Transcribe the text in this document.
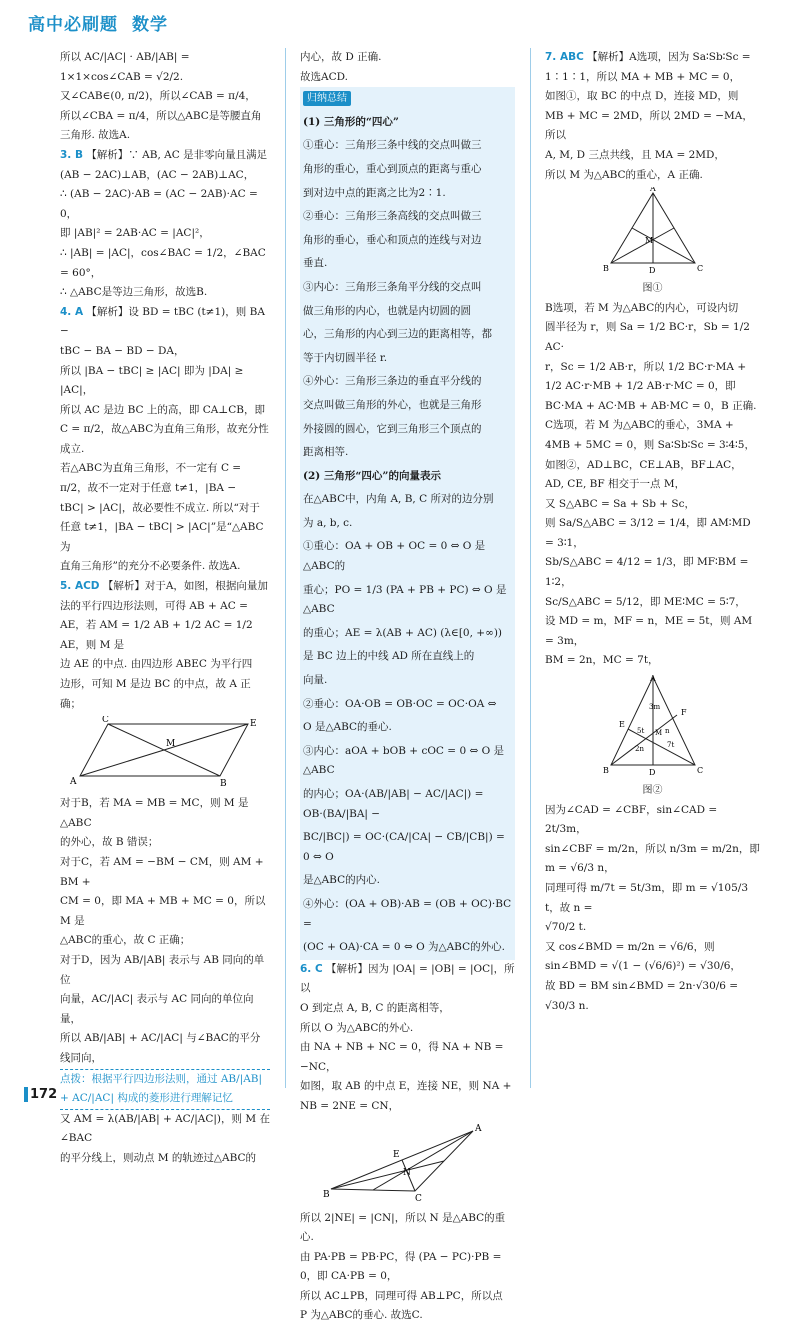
高中必刷题 数学

所以 AC/|AC| · AB/|AB| = 1×1×cos∠CAB = √2/2.

又∠CAB∈(0, π/2)，所以∠CAB = π/4，

所以∠CBA = π/4，所以△ABC是等腰直角

三角形. 故选A.

3. B 【解析】∵ AB, AC 是非零向量且满足

(AB − 2AC)⊥AB，(AC − 2AB)⊥AC，

∴ (AB − 2AC)·AB = (AC − 2AB)·AC = 0，

即 |AB|² = 2AB·AC = |AC|²，

∴ |AB| = |AC|，cos∠BAC = 1/2，∠BAC = 60°，

∴ △ABC是等边三角形，故选B.

4. A 【解析】设 BD = tBC (t≠1)，则 BA −

tBC − BA − BD − DA，

所以 |BA − tBC| ≥ |AC| 即为 |DA| ≥ |AC|，

所以 AC 是边 BC 上的高，即 CA⊥CB，即

C = π/2，故△ABC为直角三角形，故充分性

成立.

若△ABC为直角三角形，不一定有 C =

π/2，故不一定对于任意 t≠1，|BA −

tBC| > |AC|，故必要性不成立. 所以“对于

任意 t≠1，|BA − tBC| > |AC|”是“△ABC为

直角三角形”的充分不必要条件. 故选A.

5. ACD 【解析】对于A，如图，根据向量加

法的平行四边形法则，可得 AB + AC =

AE，若 AM = 1/2 AB + 1/2 AC = 1/2 AE，则 M 是

边 AE 的中点. 由四边形 ABEC 为平行四

边形，可知 M 是边 BC 的中点，故 A 正确；

A	B
C	E
M

对于B，若 MA = MB = MC，则 M 是△ABC

的外心，故 B 错误；

对于C，若 AM = −BM − CM，则 AM + BM +

CM = 0，即 MA + MB + MC = 0，所以 M 是

△ABC的重心，故 C 正确；

对于D，因为 AB/|AB| 表示与 AB 同向的单位

向量，AC/|AC| 表示与 AC 同向的单位向量，

所以 AB/|AB| + AC/|AC| 与∠BAC的平分线同向，

点拨：根据平行四边形法则，通过 AB/|AB| + AC/|AC| 构成的菱形进行理解记忆

又 AM = λ(AB/|AB| + AC/|AC|)，则 M 在∠BAC

的平分线上，则动点 M 的轨迹过△ABC的

内心，故 D 正确.

故选ACD.

归纳总结

(1) 三角形的“四心”

①重心：三角形三条中线的交点叫做三

角形的重心，重心到顶点的距离与重心

到对边中点的距离之比为2∶1.

②垂心：三角形三条高线的交点叫做三

角形的垂心，垂心和顶点的连线与对边

垂直.

③内心：三角形三条角平分线的交点叫

做三角形的内心，也就是内切圆的圆

心，三角形的内心到三边的距离相等，都

等于内切圆半径 r.

④外心：三角形三条边的垂直平分线的

交点叫做三角形的外心，也就是三角形

外接圆的圆心，它到三角形三个顶点的

距离相等.

(2) 三角形“四心”的向量表示

在△ABC中，内角 A, B, C 所对的边分别

为 a, b, c.

①重心：OA + OB + OC = 0 ⇔ O 是△ABC的

重心；PO = 1/3 (PA + PB + PC) ⇔ O 是△ABC

的重心；AE = λ(AB + AC) (λ∈[0, +∞))

是 BC 边上的中线 AD 所在直线上的

向量.

②垂心：OA·OB = OB·OC = OC·OA ⇔

O 是△ABC的垂心.

③内心：aOA + bOB + cOC = 0 ⇔ O 是△ABC

的内心；OA·(AB/|AB| − AC/|AC|) = OB·(BA/|BA| −

BC/|BC|) = OC·(CA/|CA| − CB/|CB|) = 0 ⇔ O

是△ABC的内心.

④外心：(OA + OB)·AB = (OB + OC)·BC =

(OC + OA)·CA = 0 ⇔ O 为△ABC的外心.

6. C 【解析】因为 |OA| = |OB| = |OC|，所以

O 到定点 A, B, C 的距离相等，

所以 O 为△ABC的外心.

由 NA + NB + NC = 0，得 NA + NB = −NC，

如图，取 AB 的中点 E，连接 NE，则 NA +

NB = 2NE = CN，

A
B	C
E
N

所以 2|NE| = |CN|，所以 N 是△ABC的重心.

由 PA·PB = PB·PC，得 (PA − PC)·PB =

0，即 CA·PB = 0，

所以 AC⊥PB，同理可得 AB⊥PC，所以点

P 为△ABC的垂心. 故选C.

7. ABC 【解析】A选项，因为 Sa∶Sb∶Sc =

1∶1∶1，所以 MA + MB + MC = 0，

如图①，取 BC 的中点 D，连接 MD，则

MB + MC = 2MD，所以 2MD = −MA，所以

A, M, D 三点共线，且 MA = 2MD，

所以 M 为△ABC的重心，A 正确.

A
B	D	C
M
图①

B选项，若 M 为△ABC的内心，可设内切

圆半径为 r，则 Sa = 1/2 BC·r，Sb = 1/2 AC·

r，Sc = 1/2 AB·r，所以 1/2 BC·r·MA +

1/2 AC·r·MB + 1/2 AB·r·MC = 0，即

BC·MA + AC·MB + AB·MC = 0，B 正确.

C选项，若 M 为△ABC的垂心，3MA +

4MB + 5MC = 0，则 Sa∶Sb∶Sc = 3∶4∶5，

如图②，AD⊥BC，CE⊥AB，BF⊥AC，

AD, CE, BF 相交于一点 M，

又 S△ABC = Sa + Sb + Sc，

则 Sa/S△ABC = 3/12 = 1/4，即 AM∶MD = 3∶1，

Sb/S△ABC = 4/12 = 1/3，即 MF∶BM = 1∶2，

Sc/S△ABC = 5/12，即 ME∶MC = 5∶7，

设 MD = m，MF = n，ME = 5t，则 AM = 3m，

BM = 2n，MC = 7t，

A
B	D	C
E
F
M
3m
5t	n
7t
2n
图②

因为∠CAD = ∠CBF，sin∠CAD = 2t/3m，

sin∠CBF = m/2n，所以 n/3m = m/2n，即 m = √6/3 n，

同理可得 m/7t = 5t/3m，即 m = √105/3 t，故 n =

√70/2 t.

又 cos∠BMD = m/2n = √6/6，则

sin∠BMD = √(1 − (√6/6)²) = √30/6，

故 BD = BM sin∠BMD = 2n·√30/6 = √30/3 n.

172
